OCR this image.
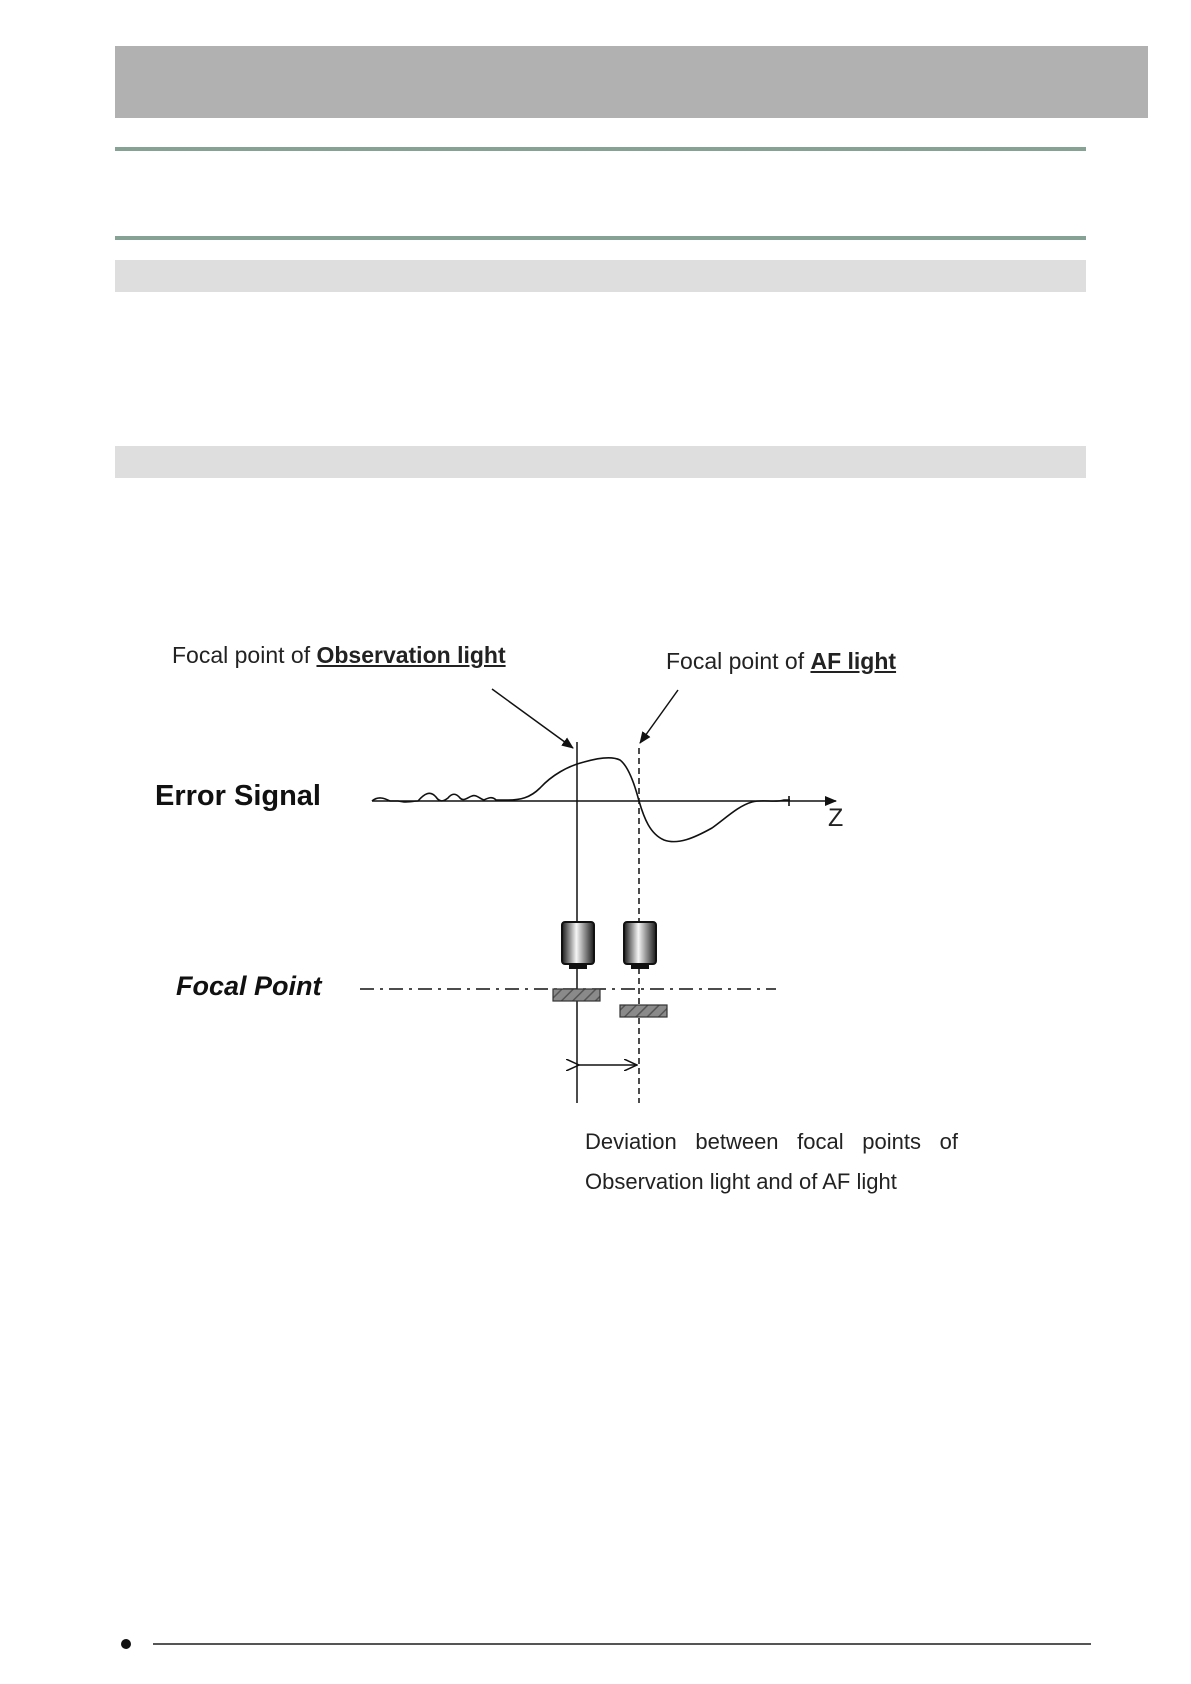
Focal point of Observation light	Focal point of AF light
Error Signal
Z
Focal Point
Deviation between focal points of
Observation light and of AF light
